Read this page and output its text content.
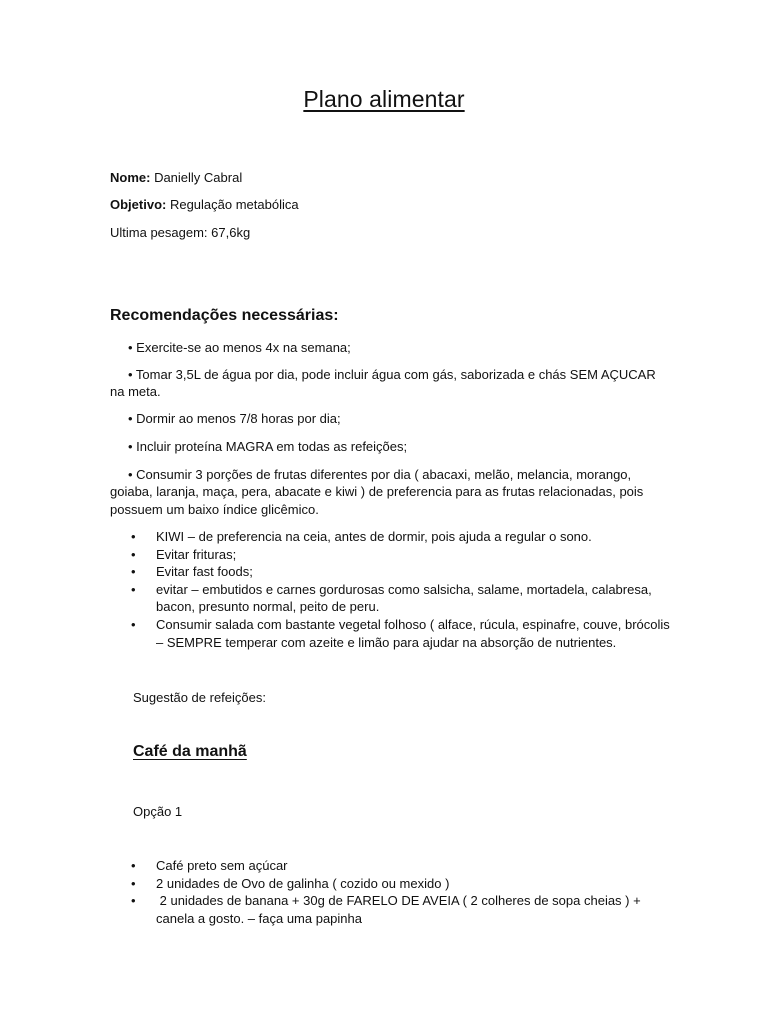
Plano alimentar
Nome: Danielly Cabral
Objetivo: Regulação metabólica
Ultima pesagem: 67,6kg
Recomendações necessárias:
• Exercite-se ao menos 4x na semana;
• Tomar 3,5L de água por dia, pode incluir água com gás, saborizada e chás SEM AÇUCAR na meta.
• Dormir ao menos 7/8 horas por dia;
• Incluir proteína MAGRA em todas as refeições;
• Consumir 3 porções de frutas diferentes por dia ( abacaxi, melão, melancia, morango, goiaba, laranja, maça, pera, abacate e kiwi ) de preferencia para as frutas relacionadas, pois possuem um baixo índice glicêmico.
• KIWI – de preferencia na ceia, antes de dormir, pois ajuda a regular o sono.
• Evitar frituras;
• Evitar fast foods;
• evitar – embutidos e carnes gordurosas como salsicha, salame, mortadela, calabresa, bacon, presunto normal, peito de peru.
• Consumir salada com bastante vegetal folhoso ( alface, rúcula, espinafre, couve, brócolis – SEMPRE temperar com azeite e limão para ajudar na absorção de nutrientes.
Sugestão de refeições:
Café da manhã
Opção 1
• Café preto sem açúcar
• 2 unidades de Ovo de galinha ( cozido ou mexido )
• 2 unidades de banana + 30g de FARELO DE AVEIA ( 2 colheres de sopa cheias ) + canela a gosto. – faça uma papinha
